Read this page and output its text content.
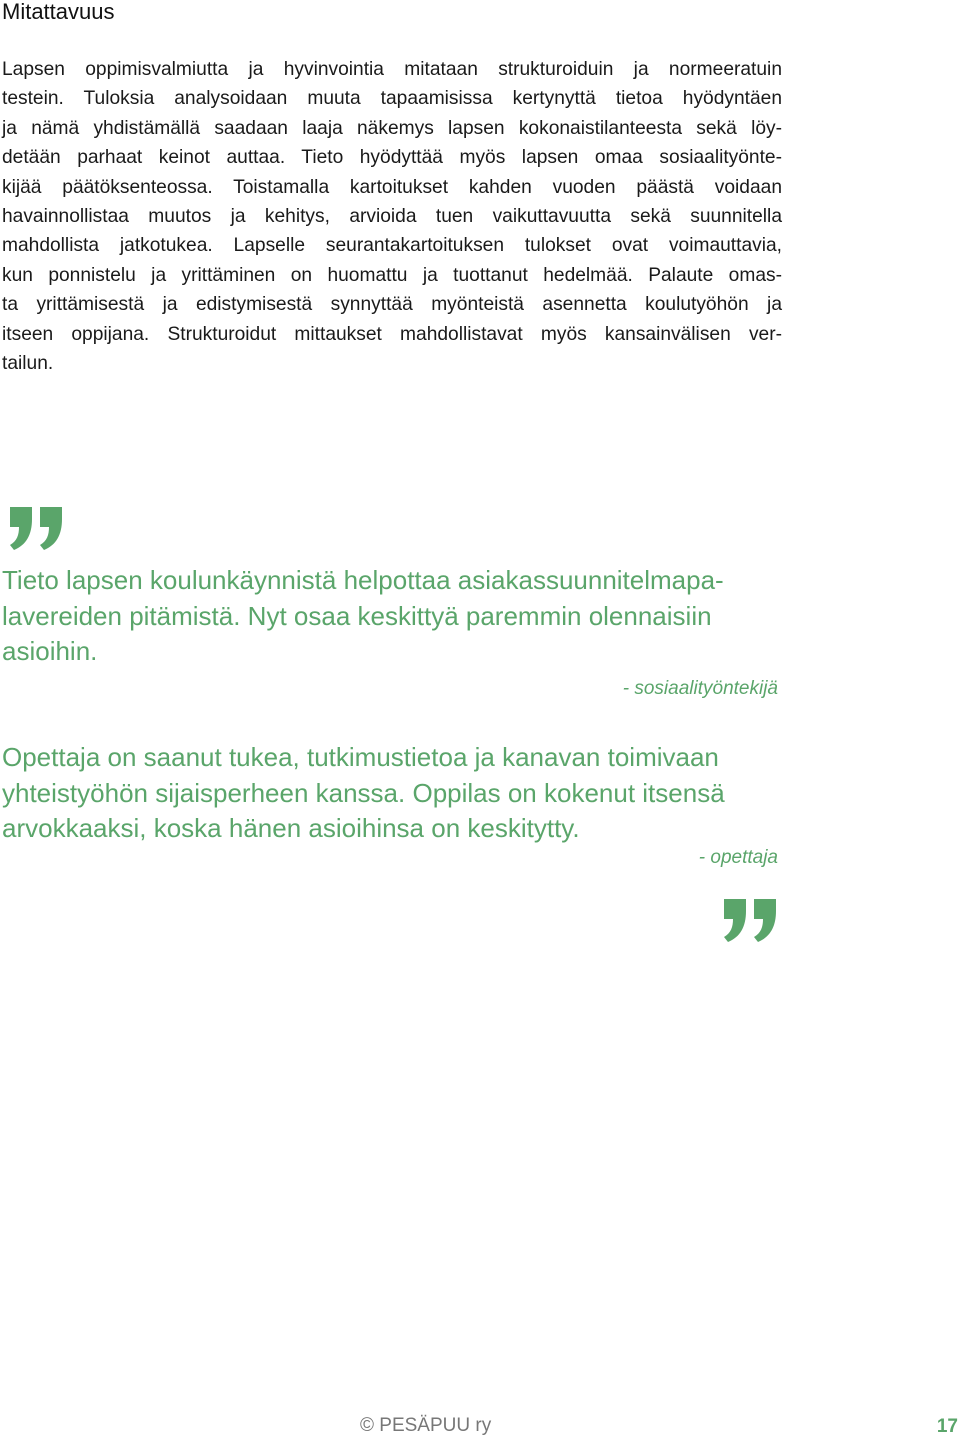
Mitattavuus

Lapsen oppimisvalmiutta ja hyvinvointia mitataan strukturoiduin ja normeeratuin
testein. Tuloksia analysoidaan muuta tapaamisissa kertynyttä tietoa hyödyntäen
ja nämä yhdistämällä saadaan laaja näkemys lapsen kokonaistilanteesta sekä löy-
detään parhaat keinot auttaa. Tieto hyödyttää myös lapsen omaa sosiaalityönte-
kijää päätöksenteossa. Toistamalla kartoitukset kahden vuoden päästä voidaan
havainnollistaa muutos ja kehitys, arvioida tuen vaikuttavuutta sekä suunnitella
mahdollista jatkotukea. Lapselle seurantakartoituksen tulokset ovat voimauttavia,
kun ponnistelu ja yrittäminen on huomattu ja tuottanut hedelmää. Palaute omas-
ta yrittämisestä ja edistymisestä synnyttää myönteistä asennetta koulutyöhön ja
itseen oppijana. Strukturoidut mittaukset mahdollistavat myös kansainvälisen ver-
tailun.

Tieto lapsen koulunkäynnistä helpottaa asiakassuunnitelmapa-
lavereiden pitämistä. Nyt osaa keskittyä paremmin olennaisiin
asioihin.

- sosiaalityöntekijä

Opettaja on saanut tukea, tutkimustietoa ja kanavan toimivaan
yhteistyöhön sijaisperheen kanssa. Oppilas on kokenut itsensä
arvokkaaksi, koska hänen asioihinsa on keskitytty.

- opettaja
© PESÄPUU ry	17
